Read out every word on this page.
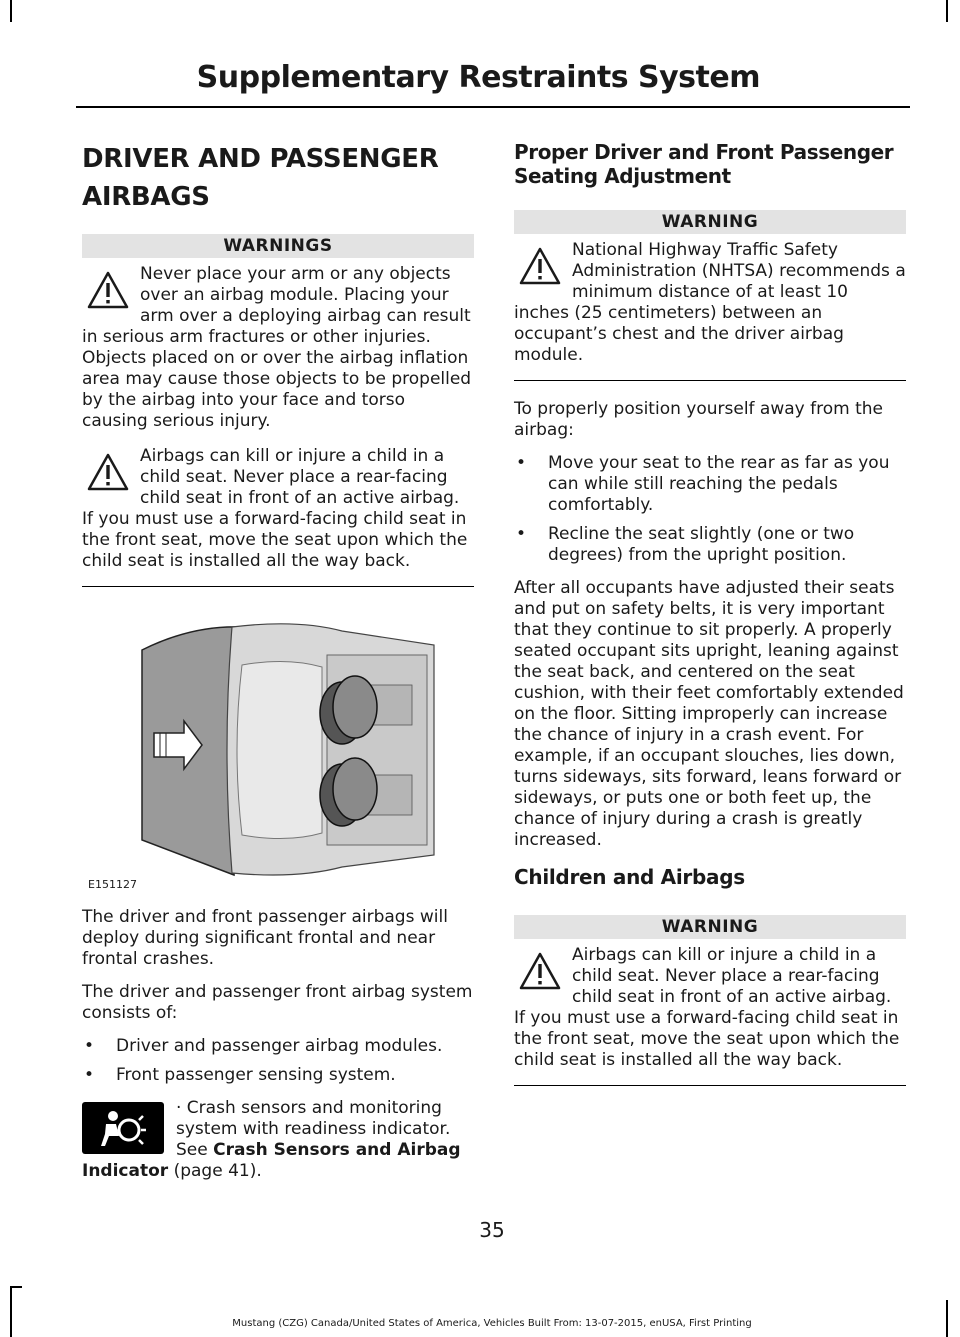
Supplementary Restraints System
DRIVER AND PASSENGER
AIRBAGS
WARNINGS
Never place your arm or any objects over an airbag module. Placing your arm over a deploying airbag can result in serious arm fractures or other injuries. Objects placed on or over the airbag inflation area may cause those objects to be propelled by the airbag into your face and torso causing serious injury.
Airbags can kill or injure a child in a child seat. Never place a rear-facing child seat in front of an active airbag. If you must use a forward-facing child seat in the front seat, move the seat upon which the child seat is installed all the way back.
E151127

The driver and front passenger airbags will deploy during significant frontal and near frontal crashes.

The driver and passenger front airbag system consists of:

• Driver and passenger airbag modules.
• Front passenger sensing system.
· Crash sensors and monitoring system with readiness indicator. See Crash Sensors and Airbag Indicator (page 41).
Proper Driver and Front Passenger Seating Adjustment
WARNING
National Highway Traffic Safety Administration (NHTSA) recommends a minimum distance of at least 10 inches (25 centimeters) between an occupant’s chest and the driver airbag module.

To properly position yourself away from the airbag:

• Move your seat to the rear as far as you can while still reaching the pedals comfortably.
• Recline the seat slightly (one or two degrees) from the upright position.

After all occupants have adjusted their seats and put on safety belts, it is very important that they continue to sit properly. A properly seated occupant sits upright, leaning against the seat back, and centered on the seat cushion, with their feet comfortably extended on the floor. Sitting improperly can increase the chance of injury in a crash event. For example, if an occupant slouches, lies down, turns sideways, sits forward, leans forward or sideways, or puts one or both feet up, the chance of injury during a crash is greatly increased.

Children and Airbags
WARNING
Airbags can kill or injure a child in a child seat. Never place a rear-facing child seat in front of an active airbag. If you must use a forward-facing child seat in the front seat, move the seat upon which the child seat is installed all the way back.
35
Mustang (CZG) Canada/United States of America, Vehicles Built From: 13-07-2015, enUSA, First Printing
